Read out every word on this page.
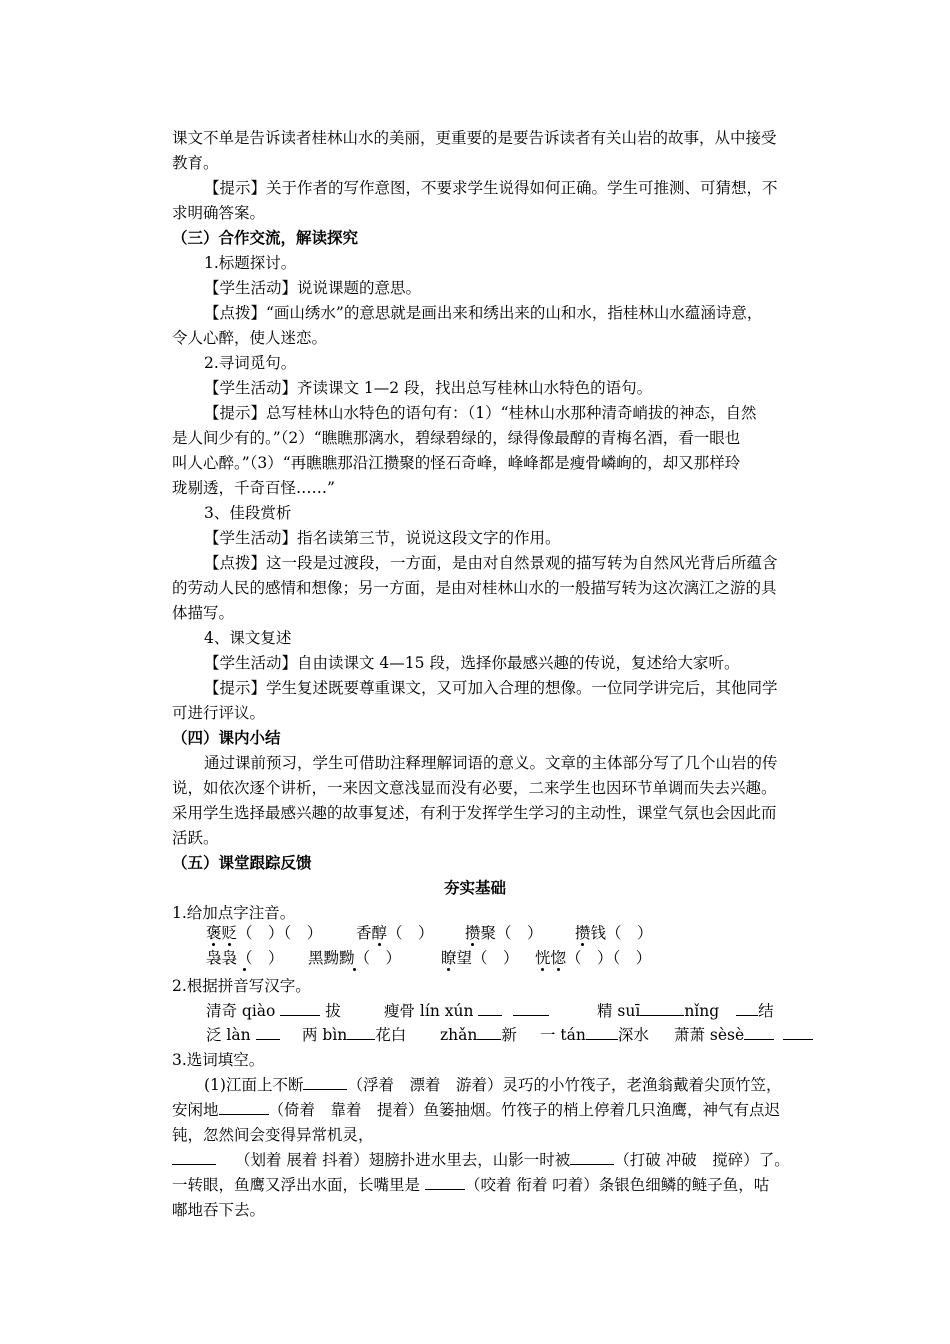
课文不单是告诉读者桂林山水的美丽，更重要的是要告诉读者有关山岩的故事，从中接受
教育。
【提示】关于作者的写作意图，不要求学生说得如何正确。学生可推测、可猜想，不
求明确答案。
（三）合作交流，解读探究
1.标题探讨。
【学生活动】说说课题的意思。
【点拨】“画山绣水”的意思就是画出来和绣出来的山和水，指桂林山水蕴涵诗意，
令人心醉，使人迷恋。
2.寻词觅句。
【学生活动】齐读课文 1—2 段，找出总写桂林山水特色的语句。
【提示】总写桂林山水特色的语句有：（1）“桂林山水那种清奇峭拔的神态，自然
是人间少有的。”（2）“瞧瞧那漓水，碧绿碧绿的，绿得像最醇的青梅名酒，看一眼也
叫人心醉。”（3）“再瞧瞧那沿江攒聚的怪石奇峰，峰峰都是瘦骨嶙峋的，却又那样玲
珑剔透，千奇百怪……”
3、佳段赏析
【学生活动】指名读第三节，说说这段文字的作用。
【点拨】这一段是过渡段，一方面，是由对自然景观的描写转为自然风光背后所蕴含
的劳动人民的感情和想像；另一方面，是由对桂林山水的一般描写转为这次漓江之游的具
体描写。
4、课文复述
【学生活动】自由读课文 4—15 段，选择你最感兴趣的传说，复述给大家听。
【提示】学生复述既要尊重课文，又可加入合理的想像。一位同学讲完后，其他同学
可进行评议。
（四）课内小结
通过课前预习，学生可借助注释理解词语的意义。文章的主体部分写了几个山岩的传
说，如依次逐个讲析，一来因文意浅显而没有必要，二来学生也因环节单调而失去兴趣。
采用学生选择最感兴趣的故事复述，有利于发挥学生学习的主动性，课堂气氛也会因此而
活跃。
（五）课堂跟踪反馈
夯实基础
1.给加点字注音。
褒贬（　）（　） 香醇（　） 攒聚（　） 攒钱（　）
袅袅（　） 黑黝黝（　）	瞭望（　） 恍惚（　）（　）
2.根据拼音写汉字。
清奇 qiào	拔	瘦骨 lín xún	精 suī	nǐng	结
泛 làn	两 bìn 花白 zhǎn 新 一 tán 深水 萧萧 sèsè
3.选词填空。
(1)江面上不断	（浮着　漂着　游着）灵巧的小竹筏子，老渔翁戴着尖顶竹笠，
安闲地	（倚着　靠着　提着）鱼篓抽烟。竹筏子的梢上停着几只渔鹰，神气有点迟
钝，忽然间会变得异常机灵，
（划着 展着 抖着）翅膀扑进水里去，山影一时被	（打破 冲破　搅碎）了。
一转眼，鱼鹰又浮出水面，长嘴里是	（咬着 衔着 叼着）条银色细鳞的鲢子鱼，咕
嘟地吞下去。
